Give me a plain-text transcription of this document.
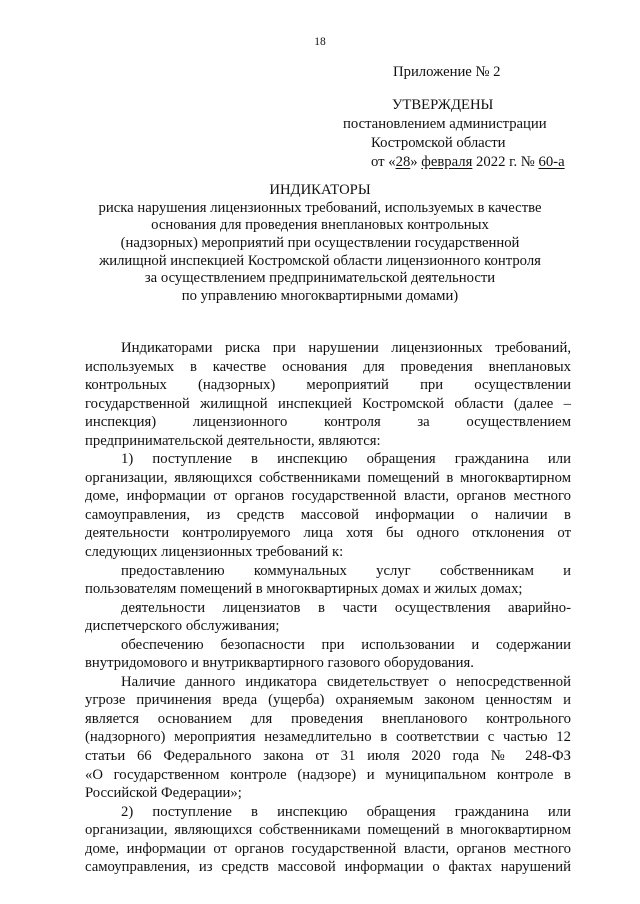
18
Приложение № 2
УТВЕРЖДЕНЫ
постановлением администрации
Костромской области
от «28» февраля 2022 г. № 60-а
ИНДИКАТОРЫ
риска нарушения лицензионных требований, используемых в качестве
основания для проведения внеплановых контрольных
(надзорных) мероприятий при осуществлении государственной
жилищной инспекцией Костромской области лицензионного контроля
за осуществлением предпринимательской деятельности
по управлению многоквартирными домами)
Индикаторами риска при нарушении лицензионных требований,
используемых в качестве основания для проведения внеплановых
контрольных (надзорных) мероприятий при осуществлении
государственной жилищной инспекцией Костромской области (далее –
инспекция) лицензионного контроля за осуществлением
предпринимательской деятельности, являются:
1) поступление в инспекцию обращения гражданина или
организации, являющихся собственниками помещений в многоквартирном
доме, информации от органов государственной власти, органов местного
самоуправления, из средств массовой информации о наличии в
деятельности контролируемого лица хотя бы одного отклонения от
следующих лицензионных требований к:
предоставлению коммунальных услуг собственникам и
пользователям помещений в многоквартирных домах и жилых домах;
деятельности лицензиатов в части осуществления аварийно-
диспетчерского обслуживания;
обеспечению безопасности при использовании и содержании
внутридомового и внутриквартирного газового оборудования.
Наличие данного индикатора свидетельствует о непосредственной
угрозе причинения вреда (ущерба) охраняемым законом ценностям и
является основанием для проведения внепланового контрольного
(надзорного) мероприятия незамедлительно в соответствии с частью 12
статьи 66 Федерального закона от 31 июля 2020 года № 248-ФЗ
«О государственном контроле (надзоре) и муниципальном контроле в
Российской Федерации»;
2) поступление в инспекцию обращения гражданина или
организации, являющихся собственниками помещений в многоквартирном
доме, информации от органов государственной власти, органов местного
самоуправления, из средств массовой информации о фактах нарушений
